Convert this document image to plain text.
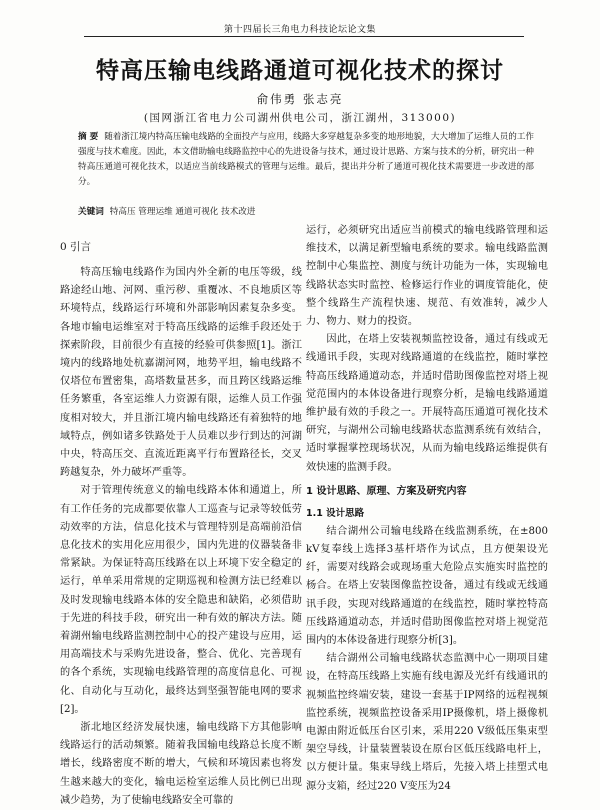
第十四届长三角电力科技论坛论文集
特高压输电线路通道可视化技术的探讨
俞伟勇 张志亮
(国网浙江省电力公司湖州供电公司，浙江湖州，313000)
摘 要 随着浙江境内特高压输电线路的全面投产与应用，线路大多穿越复杂多变的地形地貌，大大增加了运维人员的工作强度与技术难度。因此，本文借助输电线路监控中心的先进设备与技术，通过设计思路、方案与技术的分析，研究出一种特高压通道可视化技术，以适应当前线路模式的管理与运维。最后，提出并分析了通道可视化技术需要进一步改进的部分。
关键词 特高压 管理运维 通道可视化 技术改进
0 引言

特高压输电线路作为国内外全新的电压等级，线路途经山地、河网、重污秽、重覆冰、不良地质区等环境特点，线路运行环境和外部影响因素复杂多变。各地市输电运维室对于特高压线路的运维手段还处于探索阶段，目前很少有直接的经验可供参照[1]。浙江境内的线路地处杭嘉湖河网，地势平坦，输电线路不仅塔位布置密集，高塔数量甚多，而且跨区线路运维任务繁重，各室运维人力资源有限，运维人员工作强度相对较大，并且浙江境内输电线路还有着独特的地域特点，例如诸多铁路处于人员难以步行到达的河湖中央，特高压交、直流近距离平行布置路径长，交叉跨越复杂，外力破坏严重等。

对于管理传统意义的输电线路本体和通道上，所有工作任务的完成都要依靠人工巡查与记录等较低劳动效率的方法，信息化技术与管理特别是高端前沿信息化技术的实用化应用很少，国内先进的仪器装备非常紧缺。为保证特高压线路在以上环境下安全稳定的运行，单单采用常规的定期巡视和检测方法已经难以及时发现输电线路本体的安全隐患和缺陷，必须借助于先进的科技手段，研究出一种有效的解决方法。随着湖州输电线路监测控制中心的投产建设与应用，运用高端技术与采购先进设备，整合、优化、完善现有的各个系统，实现输电线路管理的高度信息化、可视化、自动化与互动化，最终达到坚强智能电网的要求[2]。

浙北地区经济发展快速，输电线路下方其他影响线路运行的活动频繁。随着我国输电线路总长度不断增长，线路密度不断的增大，气候和环境因素也将发生越来越大的变化，输电运检室运维人员比例已出现减少趋势，为了使输电线路安全可靠的

运行，必须研究出适应当前模式的输电线路管理和运维技术，以满足新型输电系统的要求。输电线路监测控制中心集监控、测度与统计功能为一体，实现输电线路状态实时监控、检修运行作业的调度管能化，使整个线路生产流程快速、规范、有效准转，减少人力、物力、财力的投资。

因此，在塔上安装视频监控设备，通过有线或无线通讯手段，实现对线路通道的在线监控，随时掌控特高压线路通道动态，并适时借助图像监控对塔上视觉范围内的本体设备进行现察分析，是输电线路通道维护最有效的手段之一。开展特高压通道可视化技术研究，与湖州公司输电线路状态监测系统有效结合，适时掌握掌控现场状况，从而为输电线路运维提供有效快速的监测手段。

1 设计思路、原理、方案及研究内容
1.1 设计思路

结合湖州公司输电线路在线监测系统，在±800 kV复奉线上选择3基杆塔作为试点，且方便架设光纤，需要对线路会或现场重大危险点实施实时监控的杨合。在塔上安装图像监控设备，通过有线或无线通讯手段，实现对线路通道的在线监控，随时掌控特高压线路通道动态，并适时借助图像监控对塔上视觉范围内的本体设备进行现察分析[3]。

结合湖州公司输电线路状态监测中心一期项目建设，在特高压线路上实施有线电源及光纤有线通讯的视频监控终端安装，建设一套基于IP网络的远程视频监控系统，视频监控设备采用IP摄像机，塔上摄像机电源由附近低压台区引来，采用220 V级低压集束型架空导线，计量装置装设在原台区低压线路电杆上，以方便计量。集束导线上塔后，先接入塔上挂塑式电源分支箱，经过220 V变压为24
